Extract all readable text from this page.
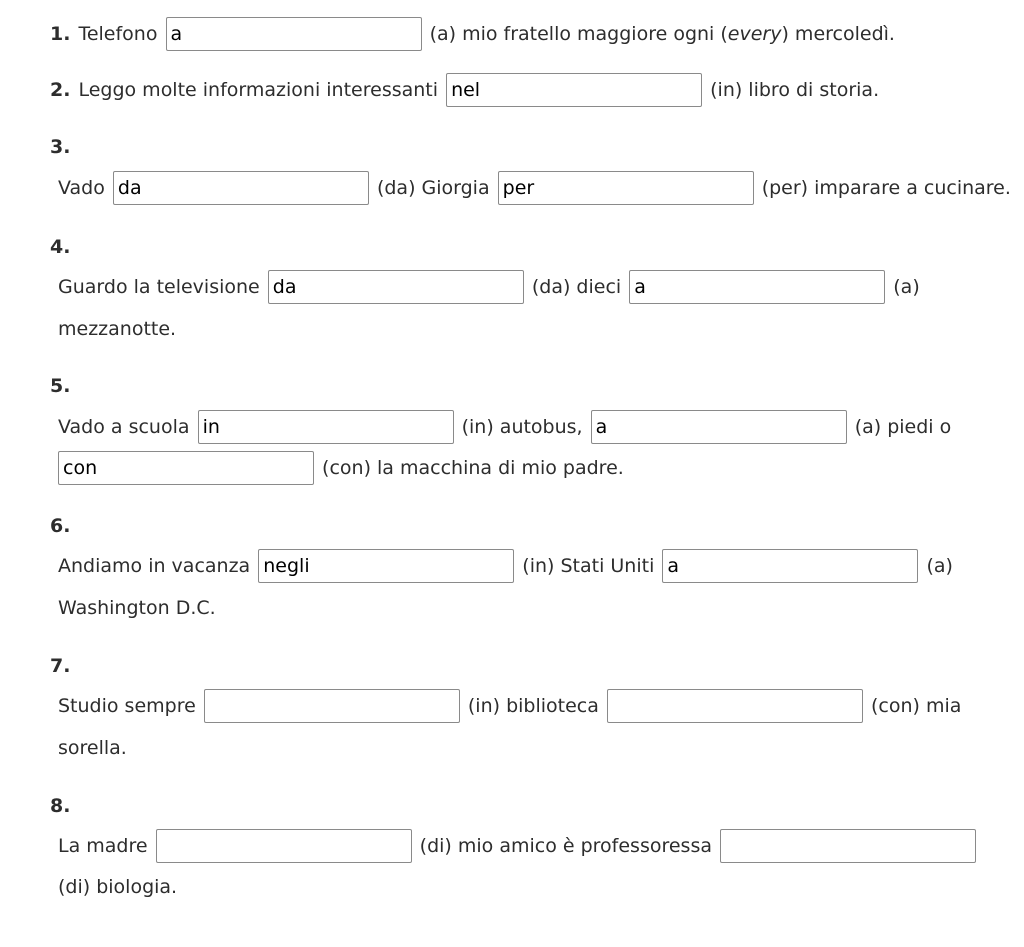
1. Telefono a	(a) mio fratello maggiore ogni (every) mercoledì.
2. Leggo molte informazioni interessanti nel	(in) libro di storia.
3.
Vado da	(da) Giorgia per	(per) imparare a cucinare.
4.
Guardo la televisione da	(da) dieci a	(a)
mezzanotte.
5.
Vado a scuola in	(in) autobus, a	(a) piedi o
con (con) la macchina di mio padre.
6.
Andiamo in vacanza negli	(in) Stati Uniti a	(a)
Washington D.C.
7.
Studio sempre	(in) biblioteca	(con) mia
sorella.
8.
La madre	(di) mio amico è professoressa
(di) biologia.
